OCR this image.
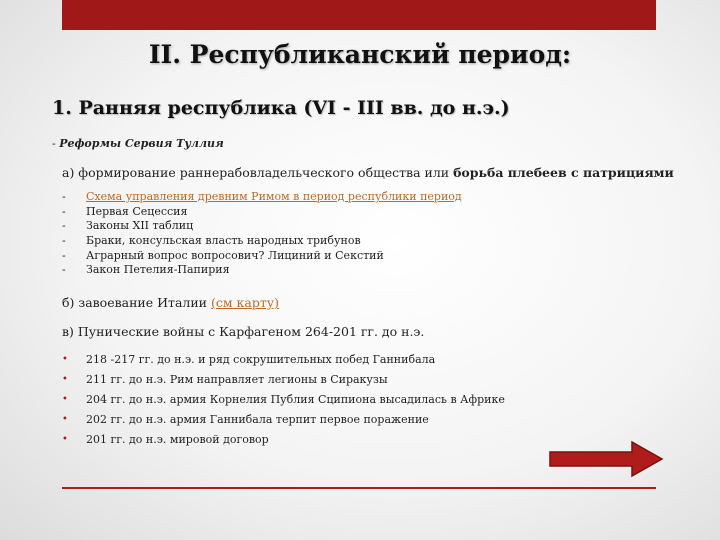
II. Республиканский период:
1. Ранняя республика (VI - III вв. до н.э.)
- Реформы Сервия Туллия
а) формирование раннерабовладельческого общества или борьба плебеев с патрициями
- Схема управления древним Римом в период республики период
- Первая Сецессия
- Законы XII таблиц
- Браки, консульская власть народных трибунов
- Аграрный вопрос вопросович? Лициний и Секстий
- Закон Петелия-Папирия
б) завоевание Италии (см карту)
в) Пунические войны с Карфагеном 264-201 гг. до н.э.
• 218 -217 гг. до н.э. и ряд сокрушительных побед Ганнибала
• 211 гг. до н.э. Рим направляет легионы в Сиракузы
• 204 гг. до н.э. армия Корнелия Публия Сципиона высадилась в Африке
• 202 гг. до н.э. армия Ганнибала терпит первое поражение
• 201 гг. до н.э. мировой договор
